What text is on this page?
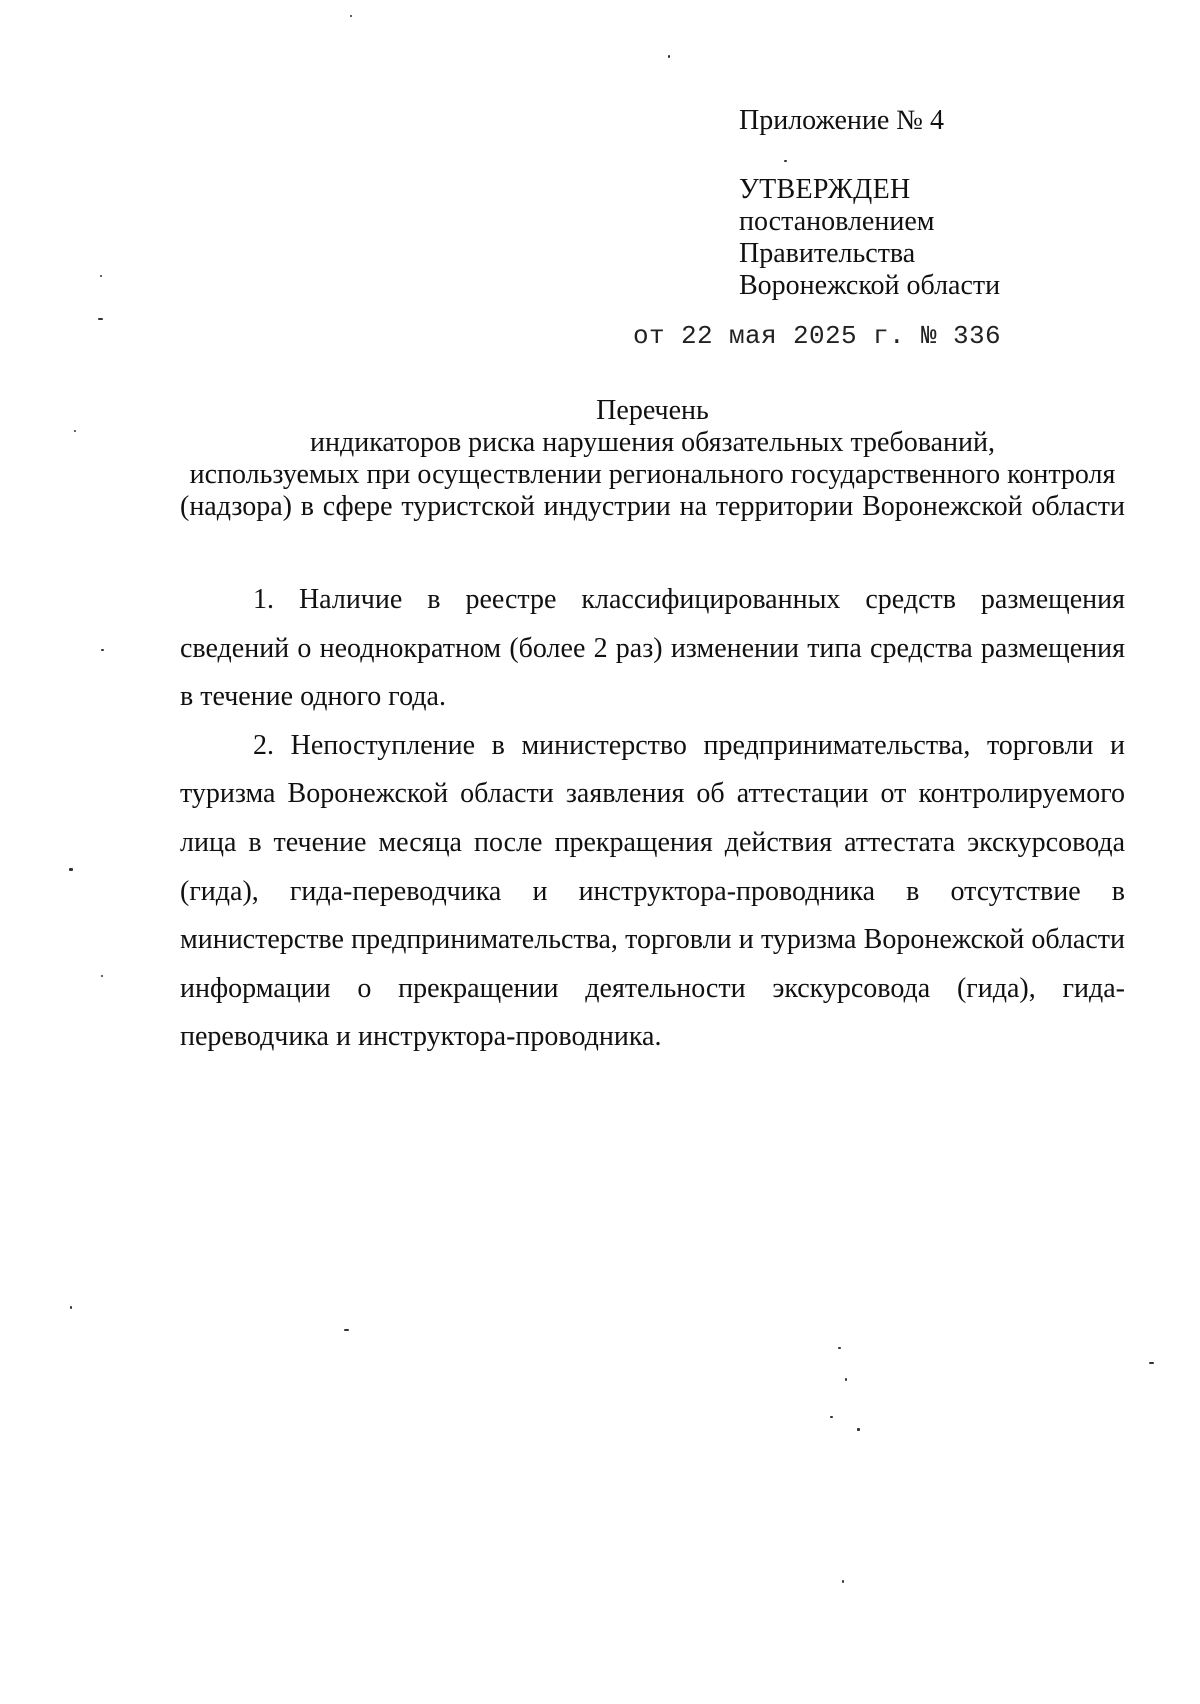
Приложение № 4

УТВЕРЖДЕН

постановлением

Правительства

Воронежской области

от 22 мая 2025 г. № 336
Перечень
индикаторов риска нарушения обязательных требований,
используемых при осуществлении регионального государственного контроля
(надзора) в сфере туристской индустрии на территории Воронежской области

1. Наличие в реестре классифицированных средств размещения сведений о неоднократном (более 2 раз) изменении типа средства размещения в течение одного года.

2. Непоступление в министерство предпринимательства, торговли и туризма Воронежской области заявления об аттестации от контролируемого лица в течение месяца после прекращения действия аттестата экскурсовода (гида), гида-переводчика и инструктора-проводника в отсутствие в министерстве предпринимательства, торговли и туризма Воронежской области информации о прекращении деятельности экскурсовода (гида), гида-переводчика и инструктора-проводника.
